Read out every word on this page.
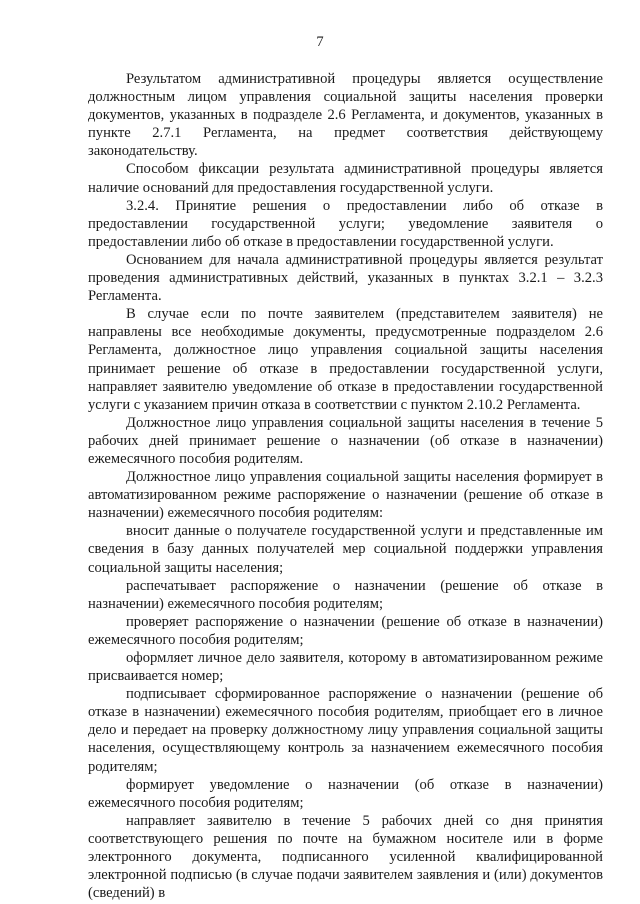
7

Результатом административной процедуры является осуществление должностным лицом управления социальной защиты населения проверки документов, указанных в подразделе 2.6 Регламента, и документов, указанных в пункте 2.7.1 Регламента, на предмет соответствия действующему законодательству.

Способом фиксации результата административной процедуры является наличие оснований для предоставления государственной услуги.

3.2.4. Принятие решения о предоставлении либо об отказе в предоставлении государственной услуги; уведомление заявителя о предоставлении либо об отказе в предоставлении государственной услуги.

Основанием для начала административной процедуры является результат проведения административных действий, указанных в пунктах 3.2.1 – 3.2.3 Регламента.

В случае если по почте заявителем (представителем заявителя) не направлены все необходимые документы, предусмотренные подразделом 2.6 Регламента, должностное лицо управления социальной защиты населения принимает решение об отказе в предоставлении государственной услуги, направляет заявителю уведомление об отказе в предоставлении государственной услуги с указанием причин отказа в соответствии с пунктом 2.10.2 Регламента.

Должностное лицо управления социальной защиты населения в течение 5 рабочих дней принимает решение о назначении (об отказе в назначении) ежемесячного пособия родителям.

Должностное лицо управления социальной защиты населения формирует в автоматизированном режиме распоряжение о назначении (решение об отказе в назначении) ежемесячного пособия родителям:

вносит данные о получателе государственной услуги и представленные им сведения в базу данных получателей мер социальной поддержки управления социальной защиты населения;

распечатывает распоряжение о назначении (решение об отказе в назначении) ежемесячного пособия родителям;

проверяет распоряжение о назначении (решение об отказе в назначении) ежемесячного пособия родителям;

оформляет личное дело заявителя, которому в автоматизированном режиме присваивается номер;

подписывает сформированное распоряжение о назначении (решение об отказе в назначении) ежемесячного пособия родителям, приобщает его в личное дело и передает на проверку должностному лицу управления социальной защиты населения, осуществляющему контроль за назначением ежемесячного пособия родителям;

формирует уведомление о назначении (об отказе в назначении) ежемесячного пособия родителям;

направляет заявителю в течение 5 рабочих дней со дня принятия соответствующего решения по почте на бумажном носителе или в форме электронного документа, подписанного усиленной квалифицированной электронной подписью (в случае подачи заявителем заявления и (или) документов (сведений) в
